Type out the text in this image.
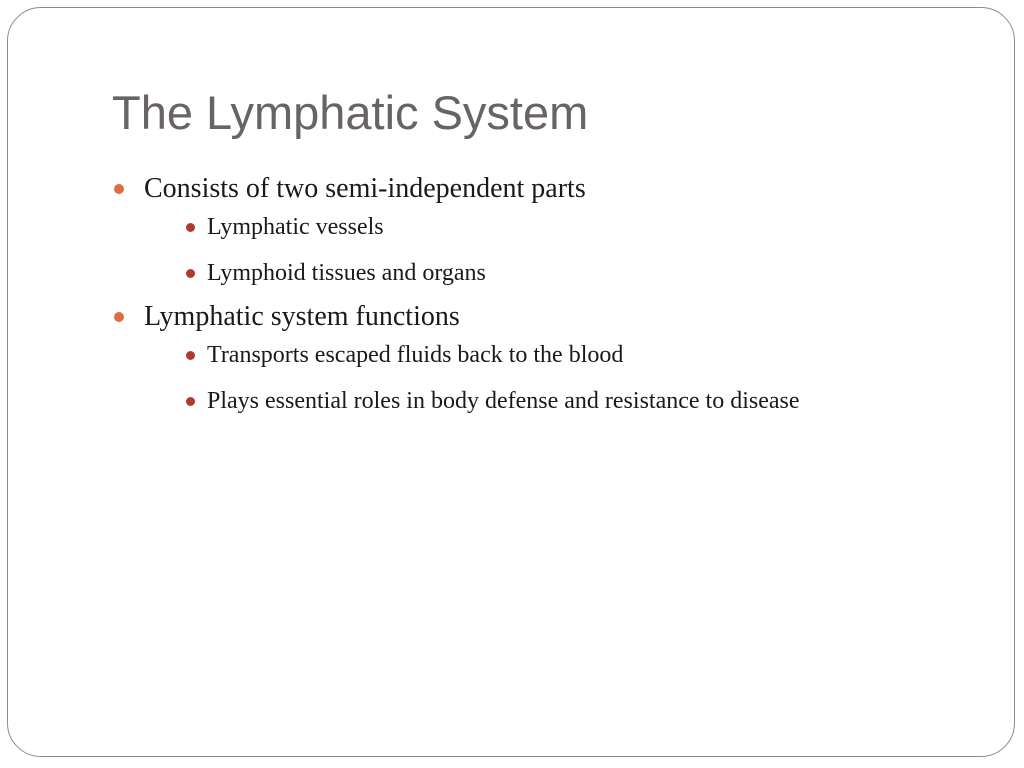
The Lymphatic System
Consists of two semi-independent parts
Lymphatic vessels
Lymphoid tissues and organs
Lymphatic system functions
Transports escaped fluids back to the blood
Plays essential roles in body defense and resistance to disease
